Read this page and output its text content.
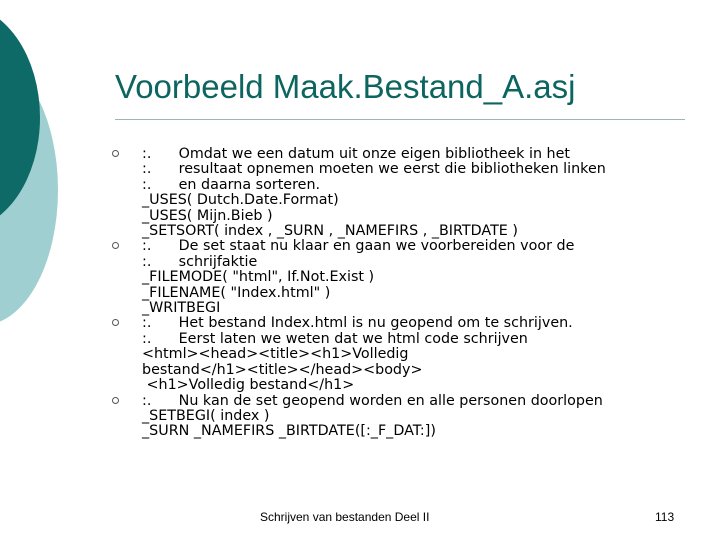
Voorbeeld Maak.Bestand_A.asj
:.      Omdat we een datum uit onze eigen bibliotheek in het
:.      resultaat opnemen moeten we eerst die bibliotheken linken
:.      en daarna sorteren.
_USES( Dutch.Date.Format)
_USES( Mijn.Bieb )
_SETSORT( index , _SURN , _NAMEFIRS , _BIRTDATE )
:.      De set staat nu klaar en gaan we voorbereiden voor de
:.      schrijfaktie
_FILEMODE( "html", If.Not.Exist )
_FILENAME( "Index.html" )
_WRITBEGI
:.      Het bestand Index.html is nu geopend om te schrijven.
:.      Eerst laten we weten dat we html code schrijven
<html><head><title><h1>Volledig
bestand</h1><title></head><body>
<h1>Volledig bestand</h1>
:.      Nu kan de set geopend worden en alle personen doorlopen
_SETBEGI( index )
_SURN _NAMEFIRS _BIRTDATE([:_F_DAT:])
Schrijven van bestanden Deel II	113
